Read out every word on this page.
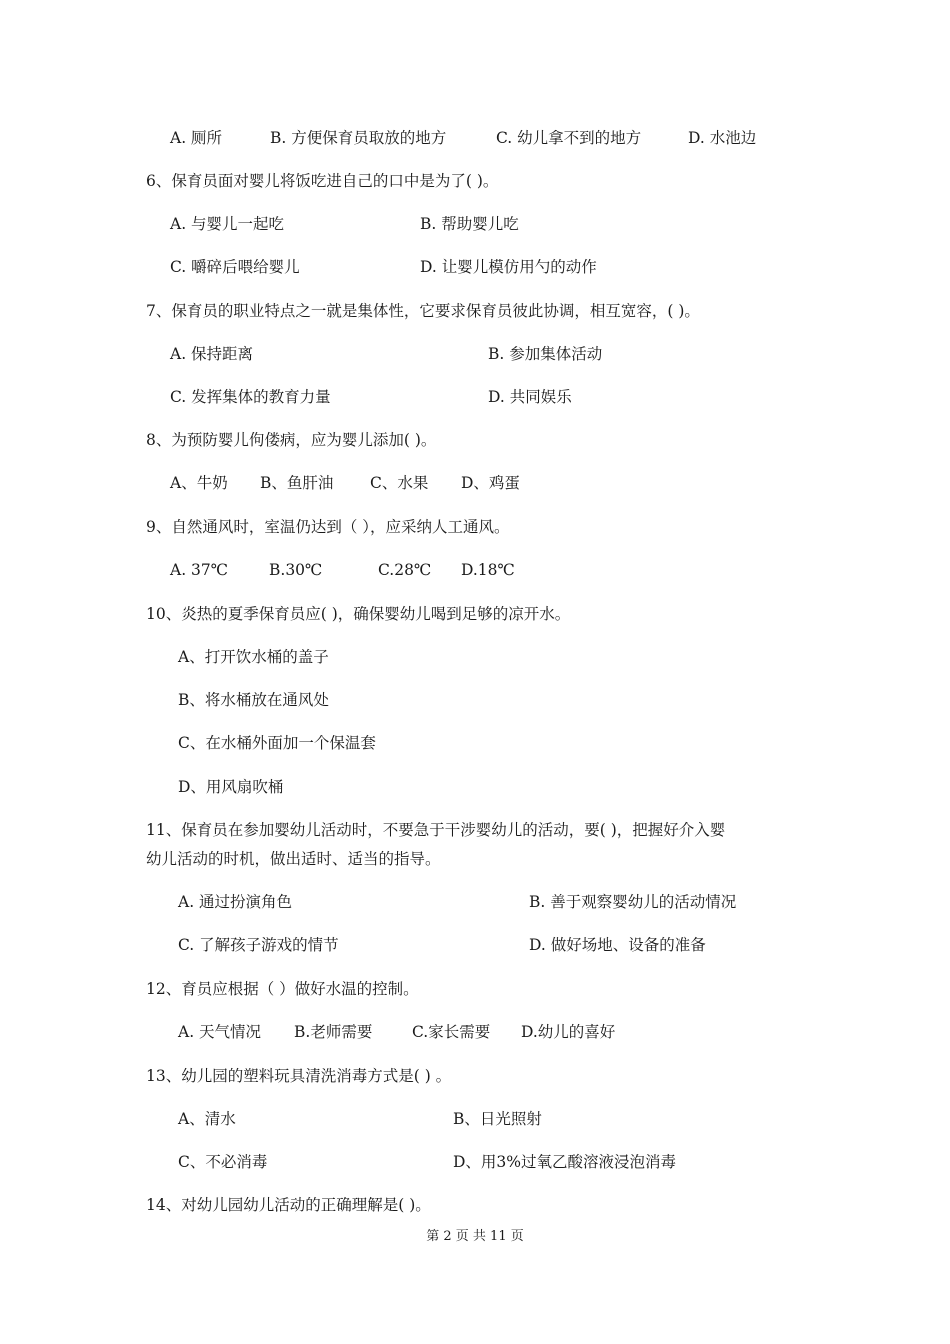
A. 厕所	B. 方便保育员取放的地方	C. 幼儿拿不到的地方	D. 水池边
6、保育员面对婴儿将饭吃进自己的口中是为了( )。
A. 与婴儿一起吃	B. 帮助婴儿吃
C. 嚼碎后喂给婴儿	D. 让婴儿模仿用勺的动作
7、保育员的职业特点之一就是集体性，它要求保育员彼此协调，相互宽容，( )。
A. 保持距离	B. 参加集体活动
C. 发挥集体的教育力量	D. 共同娱乐
8、为预防婴儿佝偻病，应为婴儿添加( )。
A、牛奶 B、鱼肝油 C、水果 D、鸡蛋
9、自然通风时，室温仍达到（ ），应采纳人工通风。
A. 37℃	B.30℃	C.28℃ D.18℃
10、炎热的夏季保育员应( )，确保婴幼儿喝到足够的凉开水。
A、打开饮水桶的盖子
B、将水桶放在通风处
C、在水桶外面加一个保温套
D、用风扇吹桶
11、保育员在参加婴幼儿活动时，不要急于干涉婴幼儿的活动，要( )，把握好介入婴
幼儿活动的时机，做出适时、适当的指导。
A. 通过扮演角色	B. 善于观察婴幼儿的活动情况
C. 了解孩子游戏的情节	D. 做好场地、设备的准备
12、育员应根据（ ）做好水温的控制。
A. 天气情况 B.老师需要	C.家长需要 D.幼儿的喜好
13、幼儿园的塑料玩具清洗消毒方式是( ) 。
A、清水	B、日光照射
C、不必消毒	D、用3%过氧乙酸溶液浸泡消毒
14、对幼儿园幼儿活动的正确理解是( )。
第 2 页 共 11 页
